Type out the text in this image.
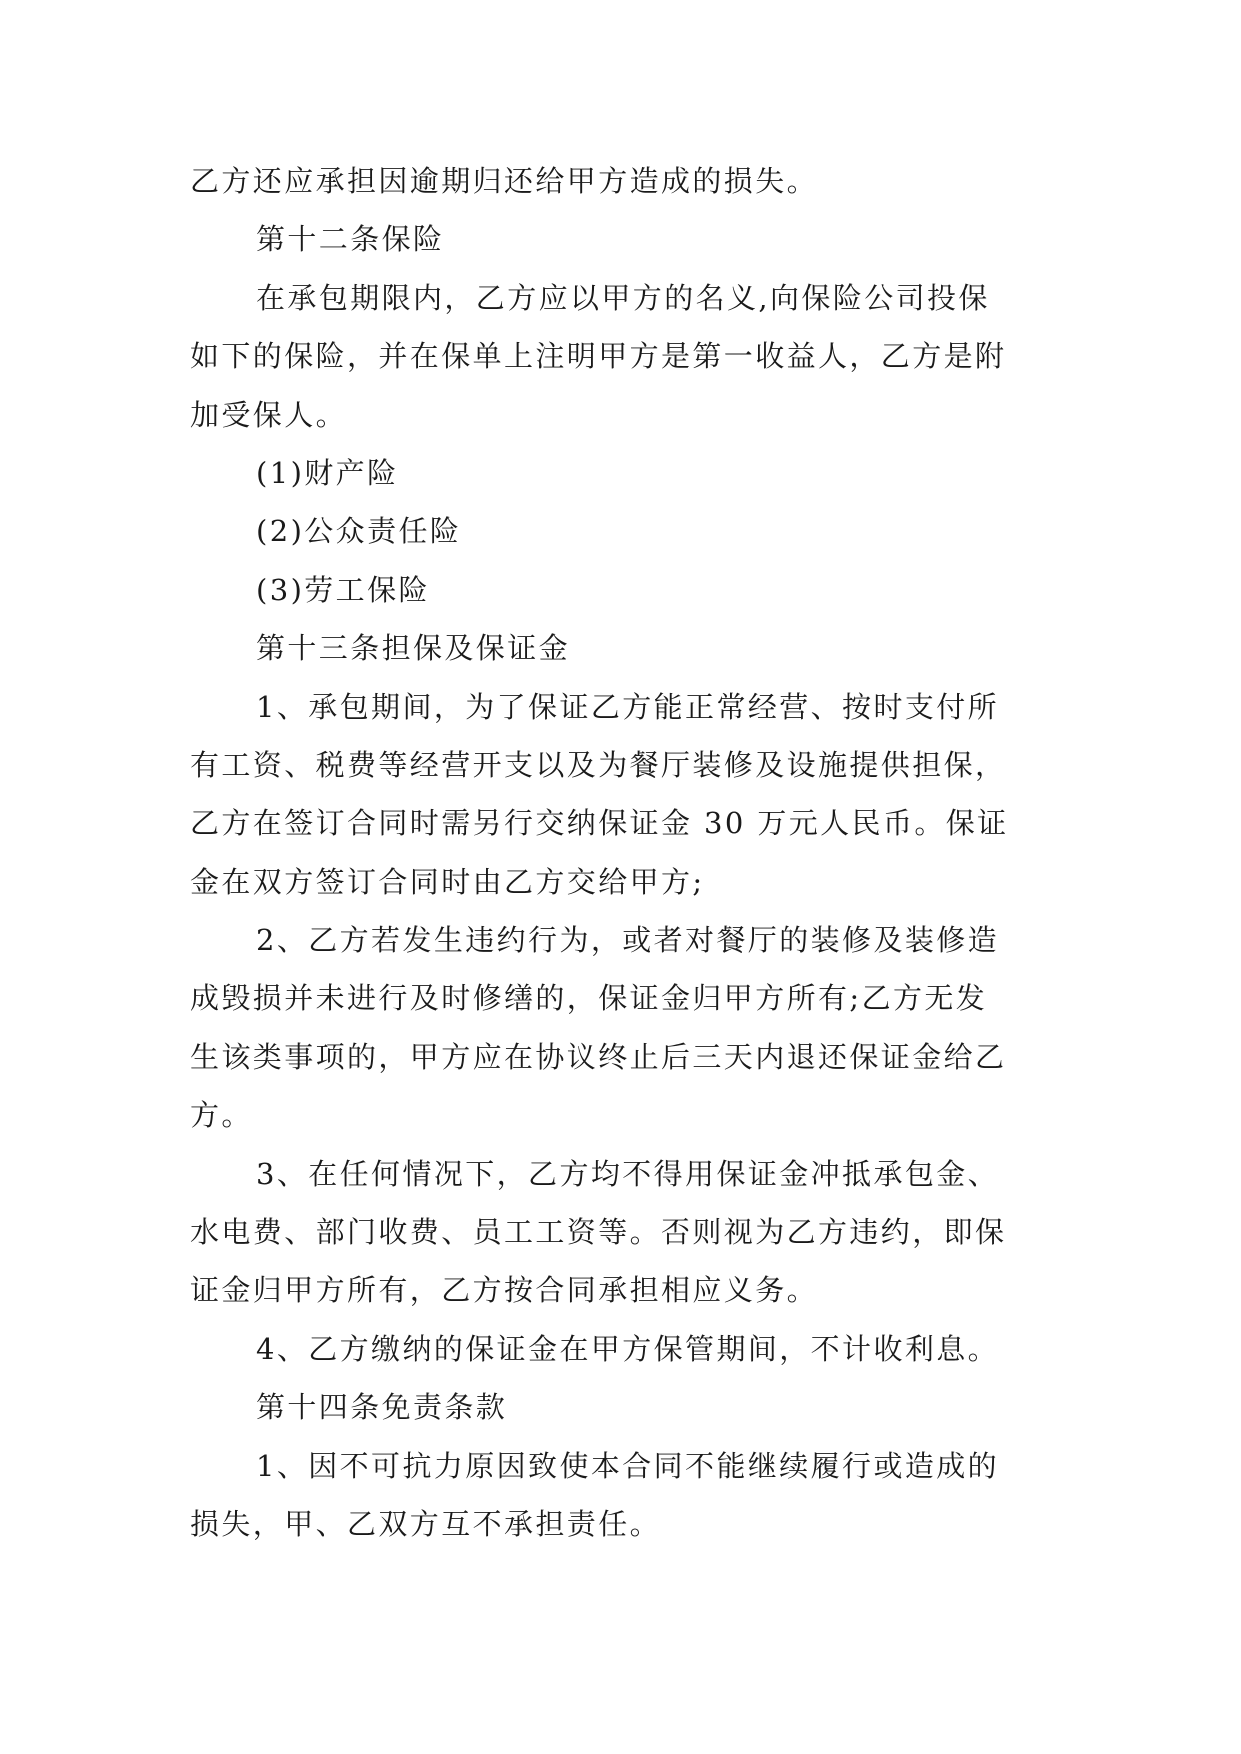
乙方还应承担因逾期归还给甲方造成的损失。
第十二条保险
在承包期限内，乙方应以甲方的名义,向保险公司投保
如下的保险，并在保单上注明甲方是第一收益人，乙方是附
加受保人。
(1)财产险
(2)公众责任险
(3)劳工保险
第十三条担保及保证金
1、承包期间，为了保证乙方能正常经营、按时支付所
有工资、税费等经营开支以及为餐厅装修及设施提供担保，
乙方在签订合同时需另行交纳保证金 30 万元人民币。保证
金在双方签订合同时由乙方交给甲方;
2、乙方若发生违约行为，或者对餐厅的装修及装修造
成毁损并未进行及时修缮的，保证金归甲方所有;乙方无发
生该类事项的，甲方应在协议终止后三天内退还保证金给乙
方。
3、在任何情况下，乙方均不得用保证金冲抵承包金、
水电费、部门收费、员工工资等。否则视为乙方违约，即保
证金归甲方所有，乙方按合同承担相应义务。
4、乙方缴纳的保证金在甲方保管期间，不计收利息。
第十四条免责条款
1、因不可抗力原因致使本合同不能继续履行或造成的
损失，甲、乙双方互不承担责任。
